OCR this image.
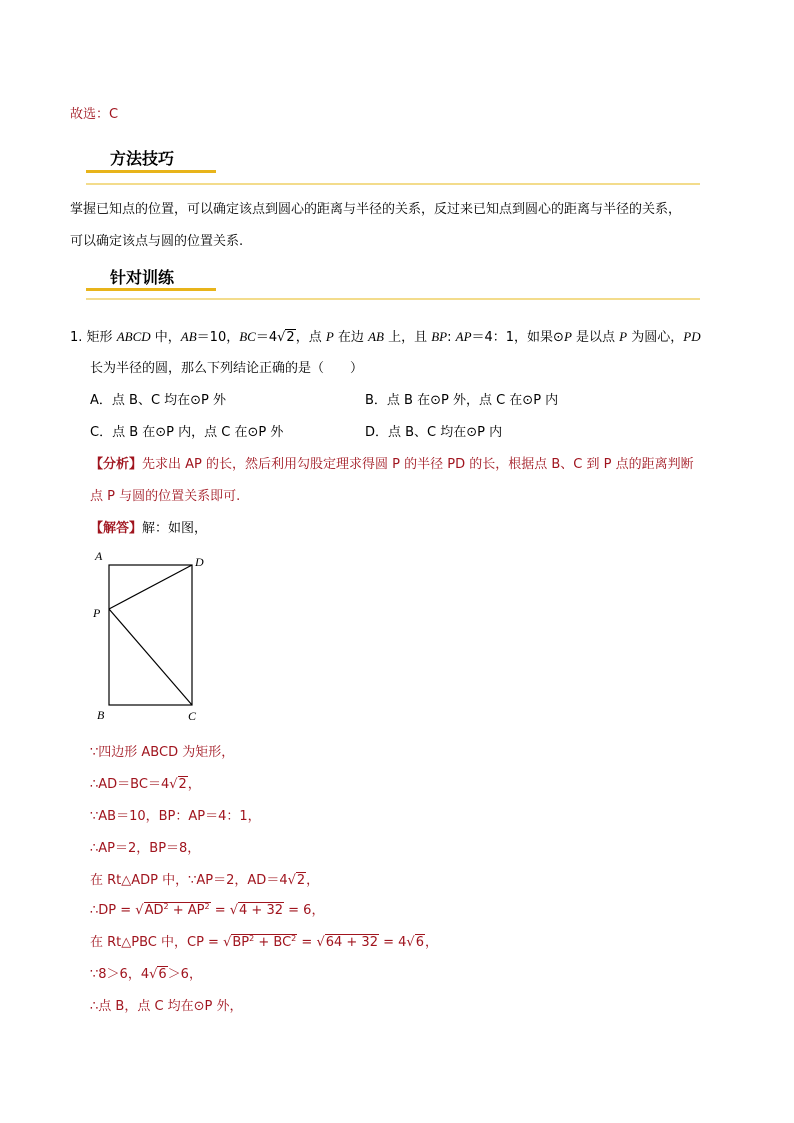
故选：C
方法技巧
掌握已知点的位置，可以确定该点到圆心的距离与半径的关系，反过来已知点到圆心的距离与半径的关系，
可以确定该点与圆的位置关系.
针对训练
1. 矩形 ABCD 中，AB＝10，BC＝4√2，点 P 在边 AB 上，且 BP: AP＝4：1，如果⊙P 是以点 P 为圆心，PD
长为半径的圆，那么下列结论正确的是（　　）
A．点 B、C 均在⊙P 外	B．点 B 在⊙P 外，点 C 在⊙P 内
C．点 B 在⊙P 内，点 C 在⊙P 外	D．点 B、C 均在⊙P 内
【分析】先求出 AP 的长，然后利用勾股定理求得圆 P 的半径 PD 的长，根据点 B、C 到 P 点的距离判断
点 P 与圆的位置关系即可.
【解答】解：如图，
A	D
P
B	C
∵四边形 ABCD 为矩形，
∴AD＝BC＝4√2，
∵AB＝10，BP：AP＝4：1，
∴AP＝2，BP＝8，
在 Rt△ADP 中，∵AP＝2，AD＝4√2，
∴DP = $√AD^2 + AP^2 = √4 + 32 = 6$，
在 Rt△PBC 中，CP = $√BP^2 + BC^2 = √64 + 32 = 4√6$，
∵8＞6，4√6＞6，
∴点 B，点 C 均在⊙P 外，
